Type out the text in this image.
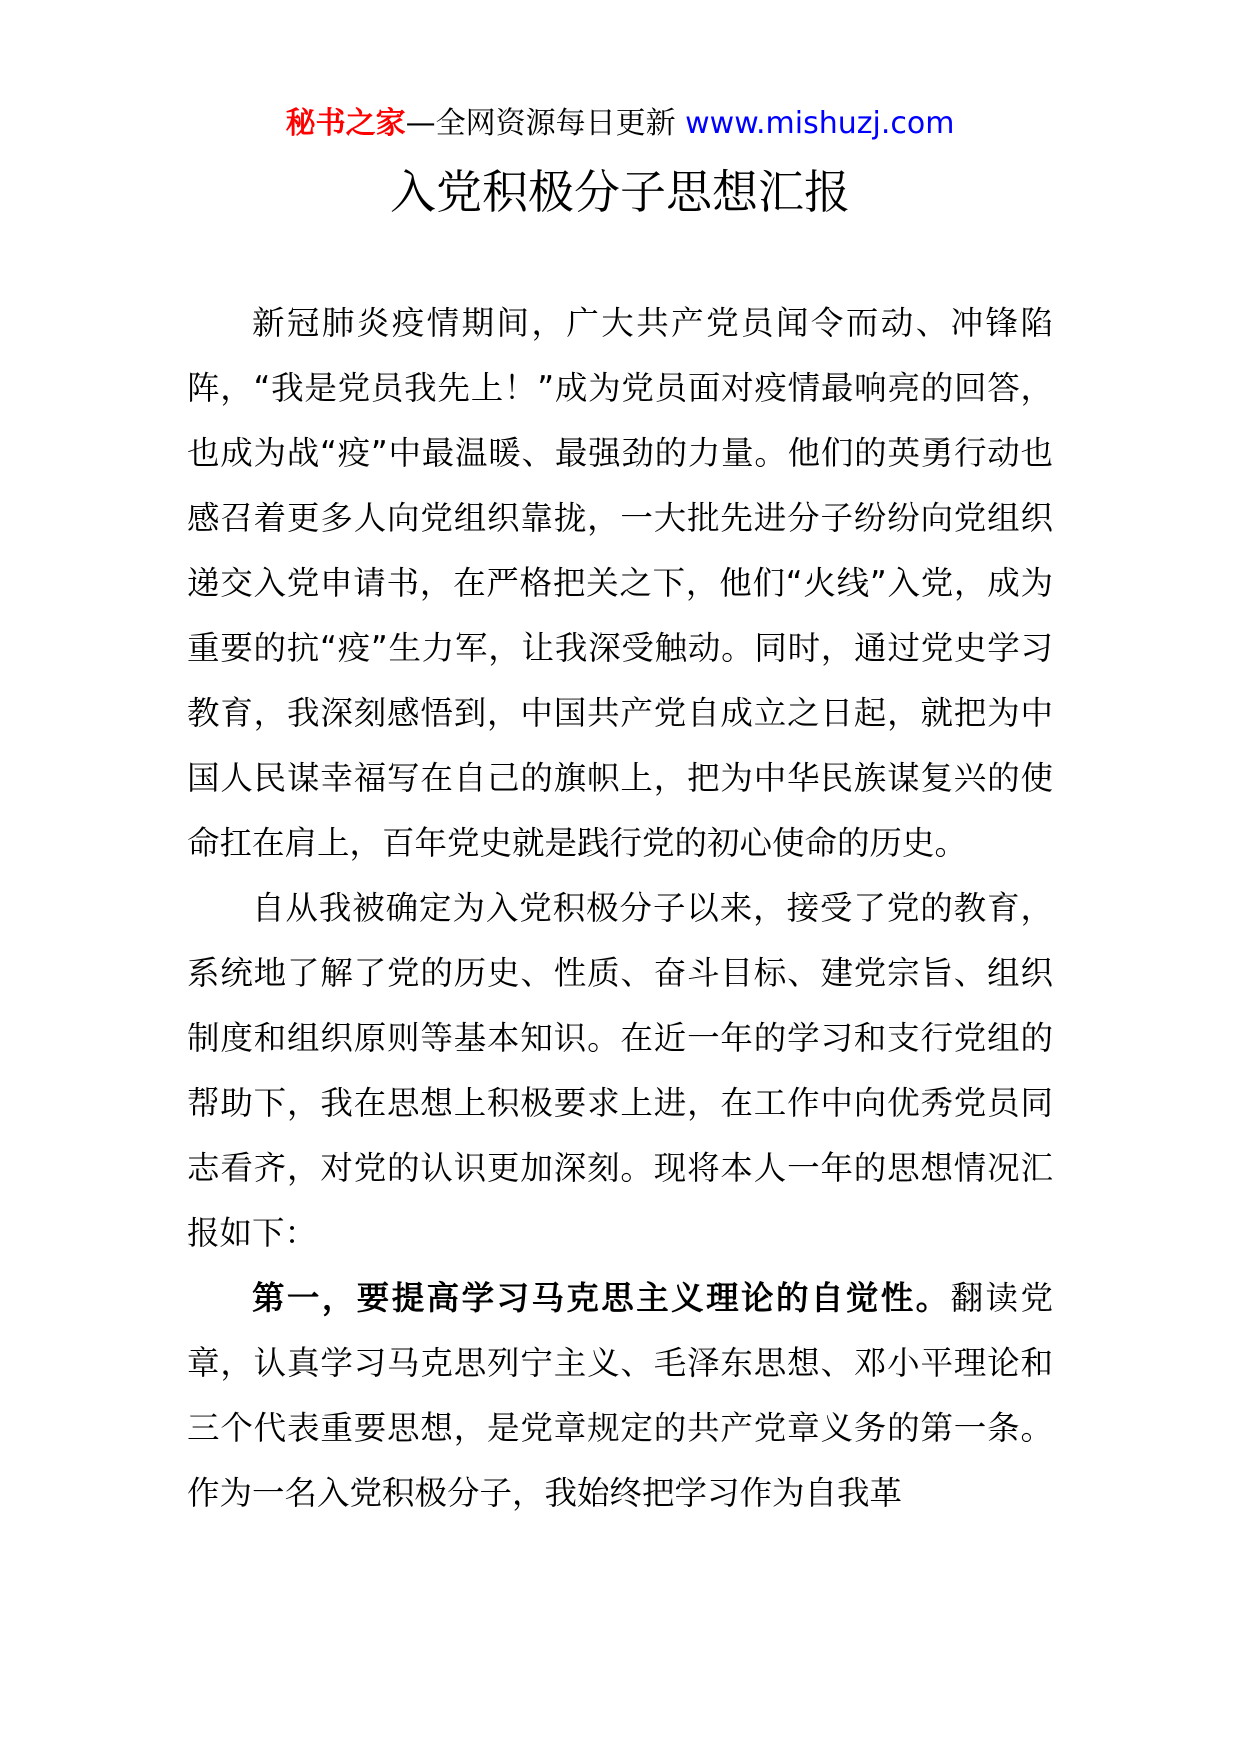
秘书之家—全网资源每日更新 www.mishuzj.com
入党积极分子思想汇报

新冠肺炎疫情期间，广大共产党员闻令而动、冲锋陷阵，“我是党员我先上！”成为党员面对疫情最响亮的回答，也成为战“疫”中最温暖、最强劲的力量。他们的英勇行动也感召着更多人向党组织靠拢，一大批先进分子纷纷向党组织递交入党申请书，在严格把关之下，他们“火线”入党，成为重要的抗“疫”生力军，让我深受触动。同时，通过党史学习教育，我深刻感悟到，中国共产党自成立之日起，就把为中国人民谋幸福写在自己的旗帜上，把为中华民族谋复兴的使命扛在肩上，百年党史就是践行党的初心使命的历史。

自从我被确定为入党积极分子以来，接受了党的教育，系统地了解了党的历史、性质、奋斗目标、建党宗旨、组织制度和组织原则等基本知识。在近一年的学习和支行党组的帮助下，我在思想上积极要求上进，在工作中向优秀党员同志看齐，对党的认识更加深刻。现将本人一年的思想情况汇报如下：

第一，要提高学习马克思主义理论的自觉性。翻读党章，认真学习马克思列宁主义、毛泽东思想、邓小平理论和三个代表重要思想，是党章规定的共产党章义务的第一条。作为一名入党积极分子，我始终把学习作为自我革
